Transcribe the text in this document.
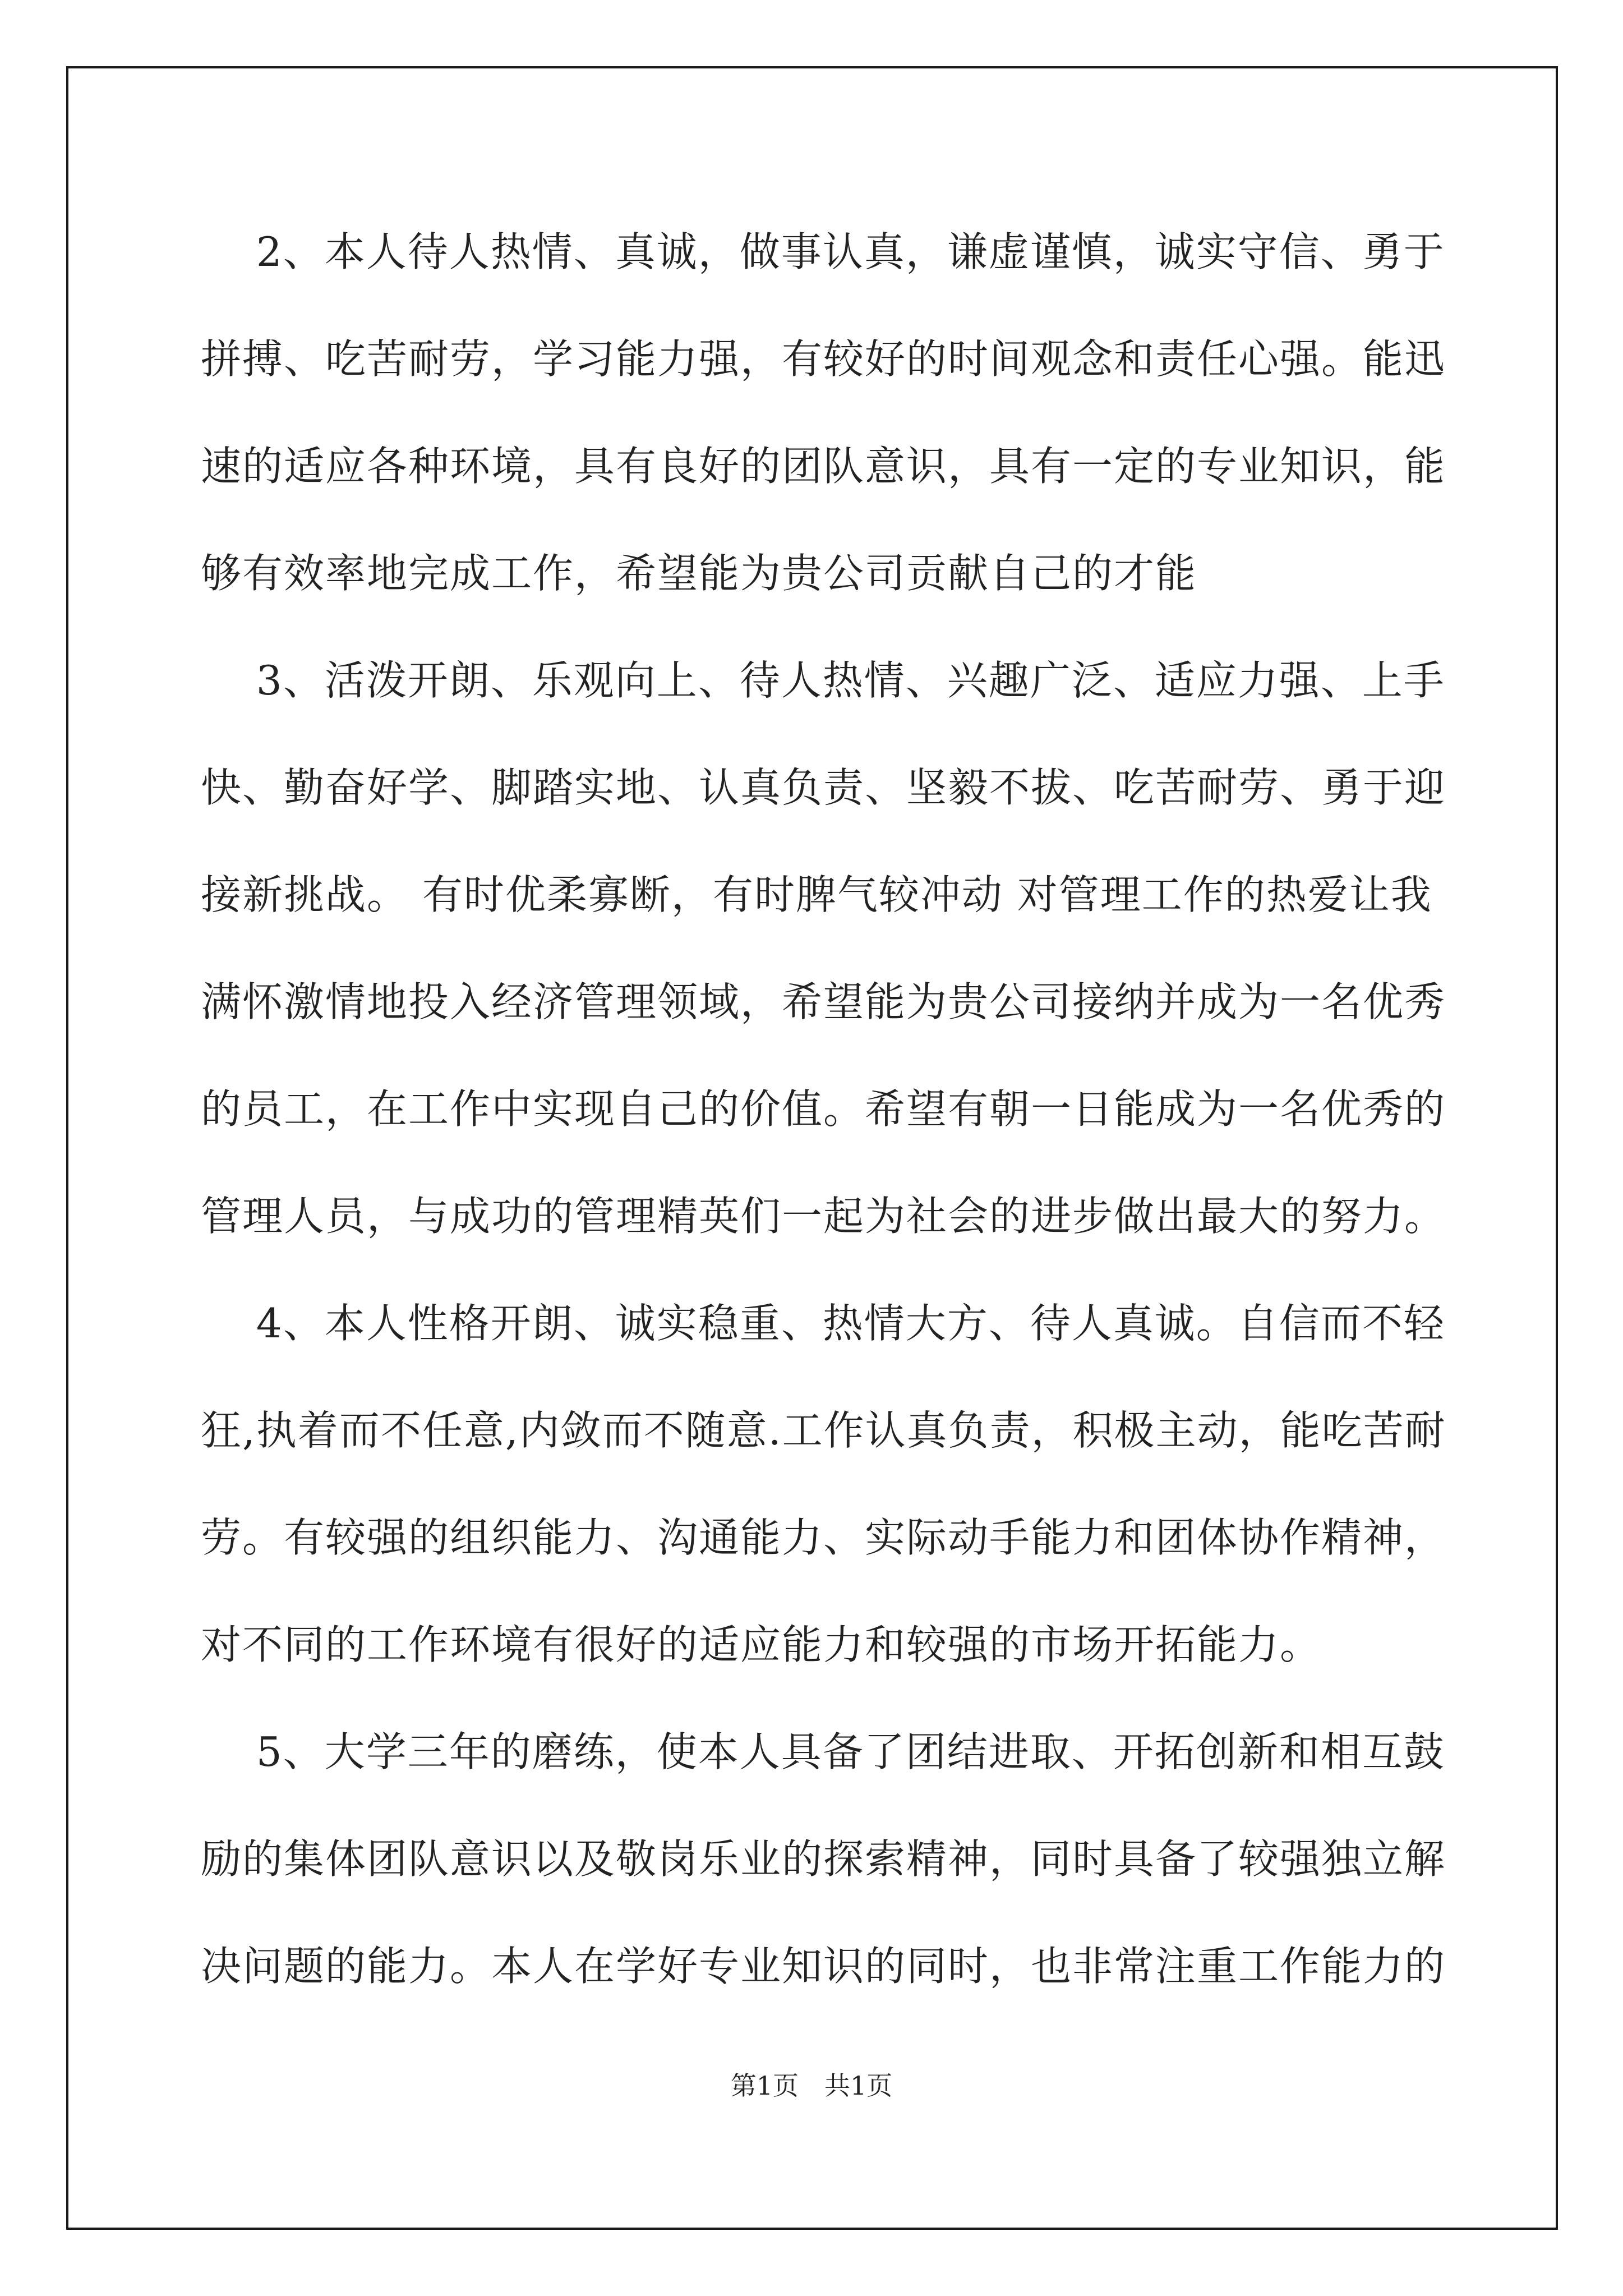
　 2、本人待人热情、真诚，做事认真，谦虚谨慎，诚实守信、勇于
拼搏、吃苦耐劳，学习能力强，有较好的时间观念和责任心强。能迅
速的适应各种环境，具有良好的团队意识，具有一定的专业知识，能
够有效率地完成工作，希望能为贵公司贡献自己的才能
　 3、活泼开朗、乐观向上、待人热情、兴趣广泛、适应力强、上手
快、勤奋好学、脚踏实地、认真负责、坚毅不拔、吃苦耐劳、勇于迎
接新挑战。 有时优柔寡断，有时脾气较冲动 对管理工作的热爱让我
满怀激情地投入经济管理领域，希望能为贵公司接纳并成为一名优秀
的员工，在工作中实现自己的价值。希望有朝一日能成为一名优秀的
管理人员，与成功的管理精英们一起为社会的进步做出最大的努力。
　 4、本人性格开朗、诚实稳重、热情大方、待人真诚。自信而不轻
狂,执着而不任意,内敛而不随意.工作认真负责，积极主动，能吃苦耐
劳。有较强的组织能力、沟通能力、实际动手能力和团体协作精神，
对不同的工作环境有很好的适应能力和较强的市场开拓能力。
　 5、大学三年的磨练，使本人具备了团结进取、开拓创新和相互鼓
励的集体团队意识以及敬岗乐业的探索精神，同时具备了较强独立解
决问题的能力。本人在学好专业知识的同时，也非常注重工作能力的
第1页　共1页
